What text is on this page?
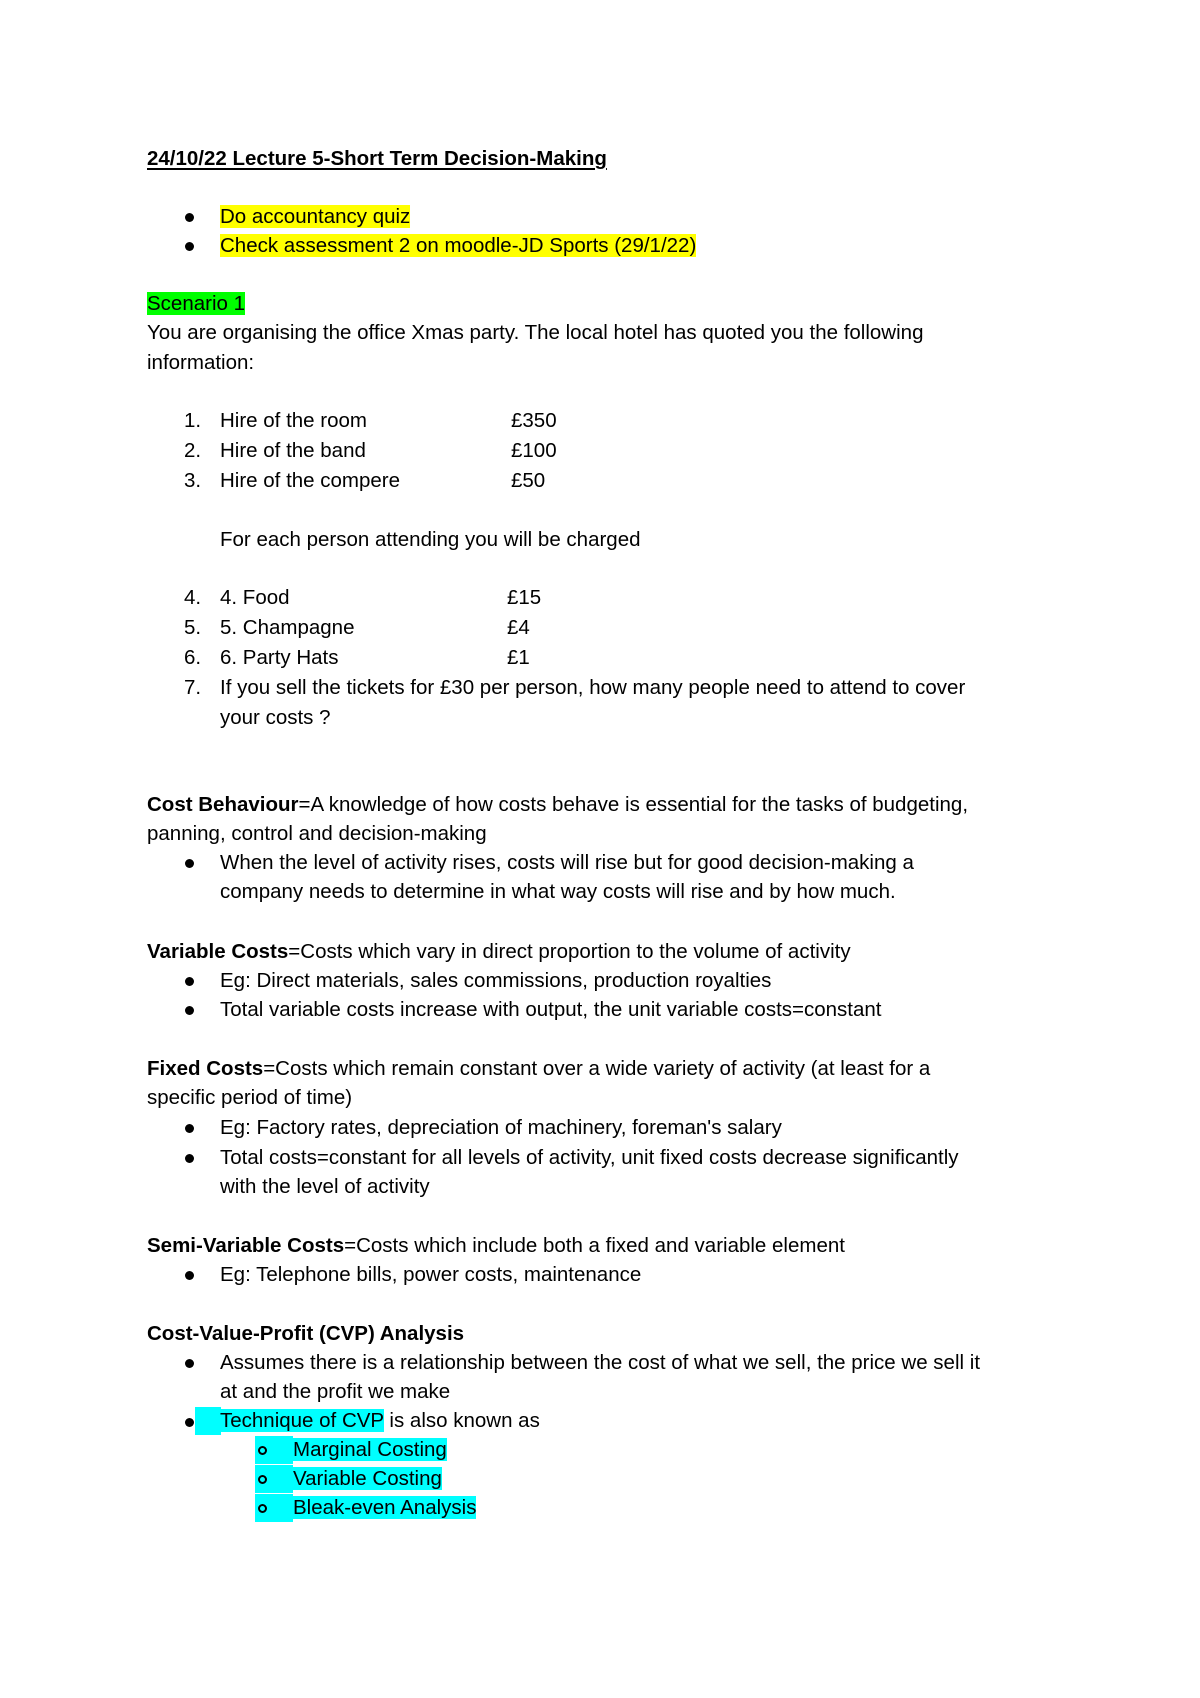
24/10/22 Lecture 5-Short Term Decision-Making
Do accountancy quiz
Check assessment 2 on moodle-JD Sports (29/1/22)
Scenario 1
You are organising the office Xmas party. The local hotel has quoted you the following
information:
1. Hire of the room	£350
2. Hire of the band	£100
3. Hire of the compere	£50
For each person attending you will be charged
4. 4. Food	£15
5. 5. Champagne	£4
6. 6. Party Hats	£1
7. If you sell the tickets for £30 per person, how many people need to attend to cover
your costs ?
Cost Behaviour=A knowledge of how costs behave is essential for the tasks of budgeting,
panning, control and decision-making
When the level of activity rises, costs will rise but for good decision-making a
company needs to determine in what way costs will rise and by how much.
Variable Costs=Costs which vary in direct proportion to the volume of activity
Eg: Direct materials, sales commissions, production royalties
Total variable costs increase with output, the unit variable costs=constant
Fixed Costs=Costs which remain constant over a wide variety of activity (at least for a
specific period of time)
Eg: Factory rates, depreciation of machinery, foreman's salary
Total costs=constant for all levels of activity, unit fixed costs decrease significantly
with the level of activity
Semi-Variable Costs=Costs which include both a fixed and variable element
Eg: Telephone bills, power costs, maintenance
Cost-Value-Profit (CVP) Analysis
Assumes there is a relationship between the cost of what we sell, the price we sell it
at and the profit we make
Technique of CVP is also known as
Marginal Costing
Variable Costing
Bleak-even Analysis
